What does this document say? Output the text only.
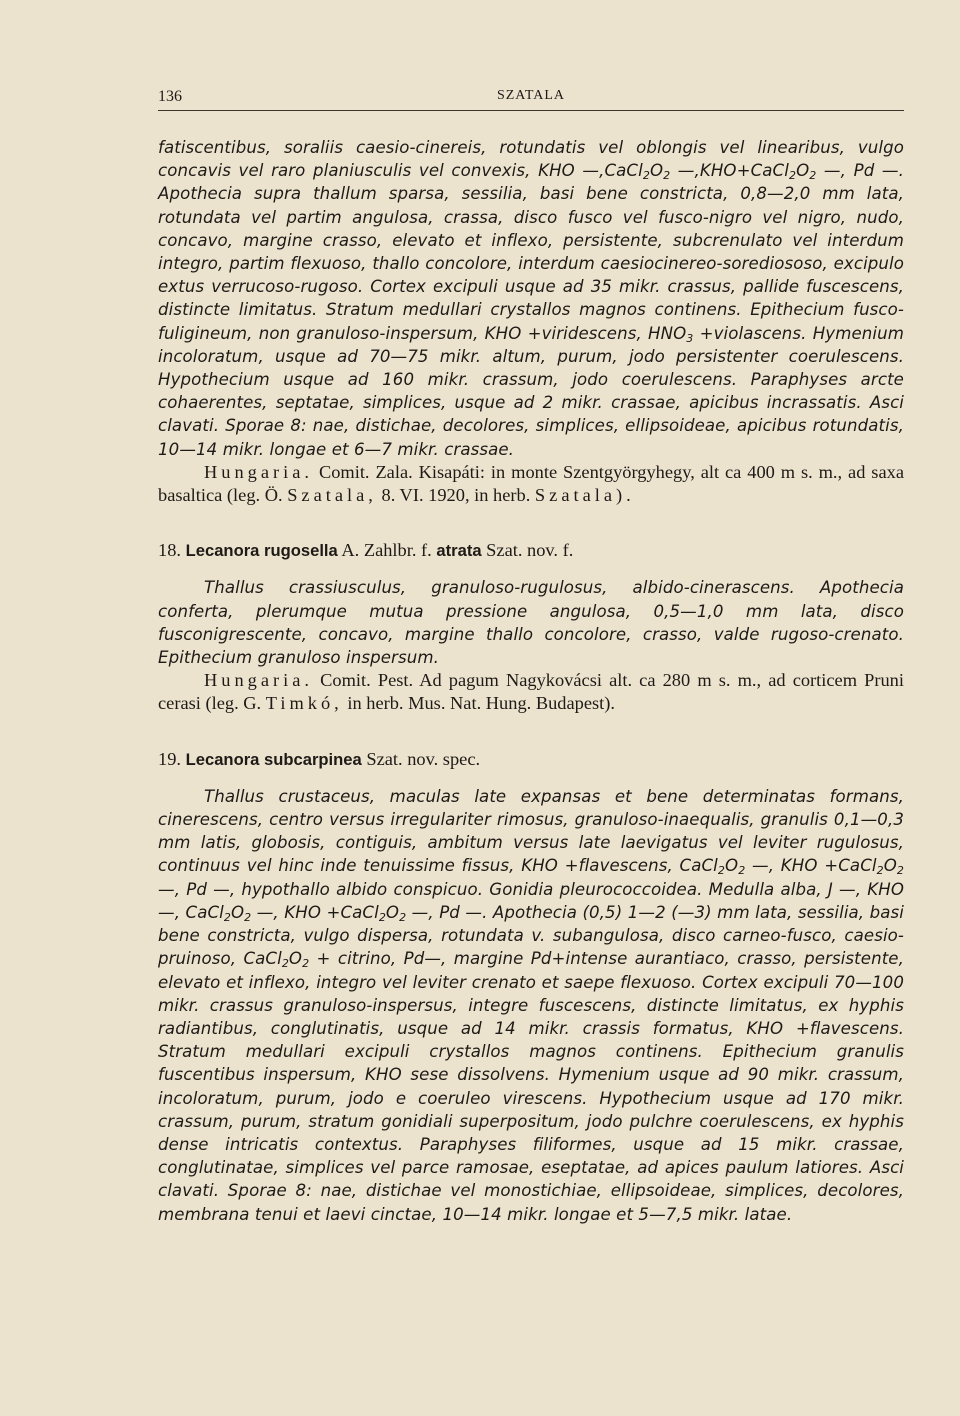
136	SZATALA

fatiscentibus, soraliis caesio-cinereis, rotundatis vel oblongis vel linearibus, vulgo concavis vel raro planiusculis vel convexis, KHO $—,CaCl_2O_2$ $—,KHO+CaCl_2O_2$ —, Pd —. Apothecia supra thallum sparsa, sessilia, basi bene constricta, 0,8—2,0 mm lata, rotundata vel partim angulosa, crassa, disco fusco vel fusco-nigro vel nigro, nudo, concavo, margine crasso, elevato et inflexo, persistente, subcrenulato vel interdum integro, partim flexuoso, thallo concolore, interdum caesiocinereo-sorediososo, excipulo extus verrucoso-rugoso. Cortex excipuli usque ad 35 mikr. crassus, pallide fuscescens, distincte limitatus. Stratum medullari crystallos magnos continens. Epithecium fusco-fuligineum, non granuloso-inspersum, KHO +viridescens, $HNO_3$ +violascens. Hymenium incoloratum, usque ad 70—75 mikr. altum, purum, jodo persistenter coerulescens. Hypothecium usque ad 160 mikr. crassum, jodo coerulescens. Paraphyses arcte cohaerentes, septatae, simplices, usque ad 2 mikr. crassae, apicibus incrassatis. Asci clavati. Sporae 8: nae, distichae, decolores, simplices, ellipsoideae, apicibus rotundatis, 10—14 mikr. longae et 6—7 mikr. crassae.

Hungaria. Comit. Zala. Kisapáti: in monte Szentgyörgyhegy, alt ca 400 m s. m., ad saxa basaltica (leg. Ö. Szatala, 8. VI. 1920, in herb. Szatala).

18. Lecanora rugosella A. Zahlbr. f. atrata Szat. nov. f.

Thallus crassiusculus, granuloso-rugulosus, albido-cinerascens. Apothecia conferta, plerumque mutua pressione angulosa, 0,5—1,0 mm lata, disco fusconigrescente, concavo, margine thallo concolore, crasso, valde rugoso-crenato. Epithecium granuloso inspersum.

Hungaria. Comit. Pest. Ad pagum Nagykovácsi alt. ca 280 m s. m., ad corticem Pruni cerasi (leg. G. Timkó, in herb. Mus. Nat. Hung. Budapest).

19. Lecanora subcarpinea Szat. nov. spec.

Thallus crustaceus, maculas late expansas et bene determinatas formans, cinerescens, centro versus irregulariter rimosus, granuloso-inaequalis, granulis 0,1—0,3 mm latis, globosis, contiguis, ambitum versus late laevigatus vel leviter rugulosus, continuus vel hinc inde tenuissime fissus, KHO +flavescens, $CaCl_2O_2$ —, KHO $+CaCl_2O_2$ —, Pd —, hypothallo albido conspicuo. Gonidia pleurococcoidea. Medulla alba, J —, KHO —, $CaCl_2O_2$ —, KHO $+CaCl_2O_2$ —, Pd —. Apothecia (0,5) 1—2 (—3) mm lata, sessilia, basi bene constricta, vulgo dispersa, rotundata v. subangulosa, disco carneo-fusco, caesio-pruinoso, $CaCl_2O_2$ + citrino, Pd—, margine Pd+intense aurantiaco, crasso, persistente, elevato et inflexo, integro vel leviter crenato et saepe flexuoso. Cortex excipuli 70—100 mikr. crassus granuloso-inspersus, integre fuscescens, distincte limitatus, ex hyphis radiantibus, conglutinatis, usque ad 14 mikr. crassis formatus, KHO +flavescens. Stratum medullari excipuli crystallos magnos continens. Epithecium granulis fuscentibus inspersum, KHO sese dissolvens. Hymenium usque ad 90 mikr. crassum, incoloratum, purum, jodo e coeruleo virescens. Hypothecium usque ad 170 mikr. crassum, purum, stratum gonidiali superpositum, jodo pulchre coerulescens, ex hyphis dense intricatis contextus. Paraphyses filiformes, usque ad 15 mikr. crassae, conglutinatae, simplices vel parce ramosae, eseptatae, ad apices paulum latiores. Asci clavati. Sporae 8: nae, distichae vel monostichiae, ellipsoideae, simplices, decolores, membrana tenui et laevi cinctae, 10—14 mikr. longae et 5—7,5 mikr. latae.
